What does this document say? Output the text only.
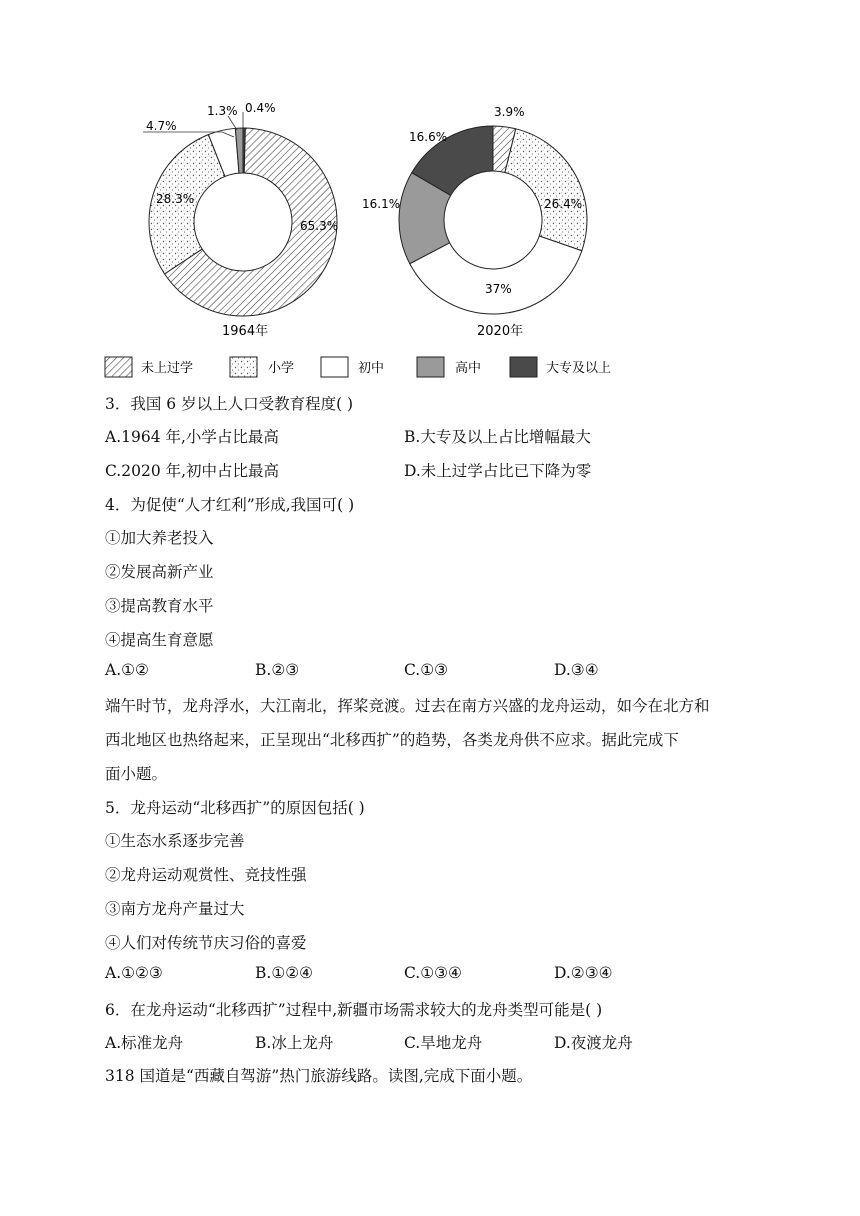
4.7%
1.3% 0.4%
28.3%
65.3%
1964年
3.9%
16.6%
16.1%	26.4%
37%
2020年
未上过学	小学	初中	高中	大专及以上
3．我国 6 岁以上人口受教育程度( )
A.1964 年,小学占比最高	B.大专及以上占比增幅最大
C.2020 年,初中占比最高	D.未上过学占比已下降为零
4．为促使“人才红利”形成,我国可( )
①加大养老投入
②发展高新产业
③提高教育水平
④提高生育意愿
A.①②	B.②③	C.①③	D.③④
端午时节，龙舟浮水，大江南北，挥桨竞渡。过去在南方兴盛的龙舟运动，如今在北方和
西北地区也热络起来，正呈现出“北移西扩”的趋势，各类龙舟供不应求。据此完成下
面小题。
5．龙舟运动“北移西扩”的原因包括( )
①生态水系逐步完善
②龙舟运动观赏性、竞技性强
③南方龙舟产量过大
④人们对传统节庆习俗的喜爱
A.①②③	B.①②④	C.①③④	D.②③④
6．在龙舟运动“北移西扩”过程中,新疆市场需求较大的龙舟类型可能是( )
A.标准龙舟	B.冰上龙舟	C.旱地龙舟	D.夜渡龙舟
318 国道是“西藏自驾游”热门旅游线路。读图,完成下面小题。
